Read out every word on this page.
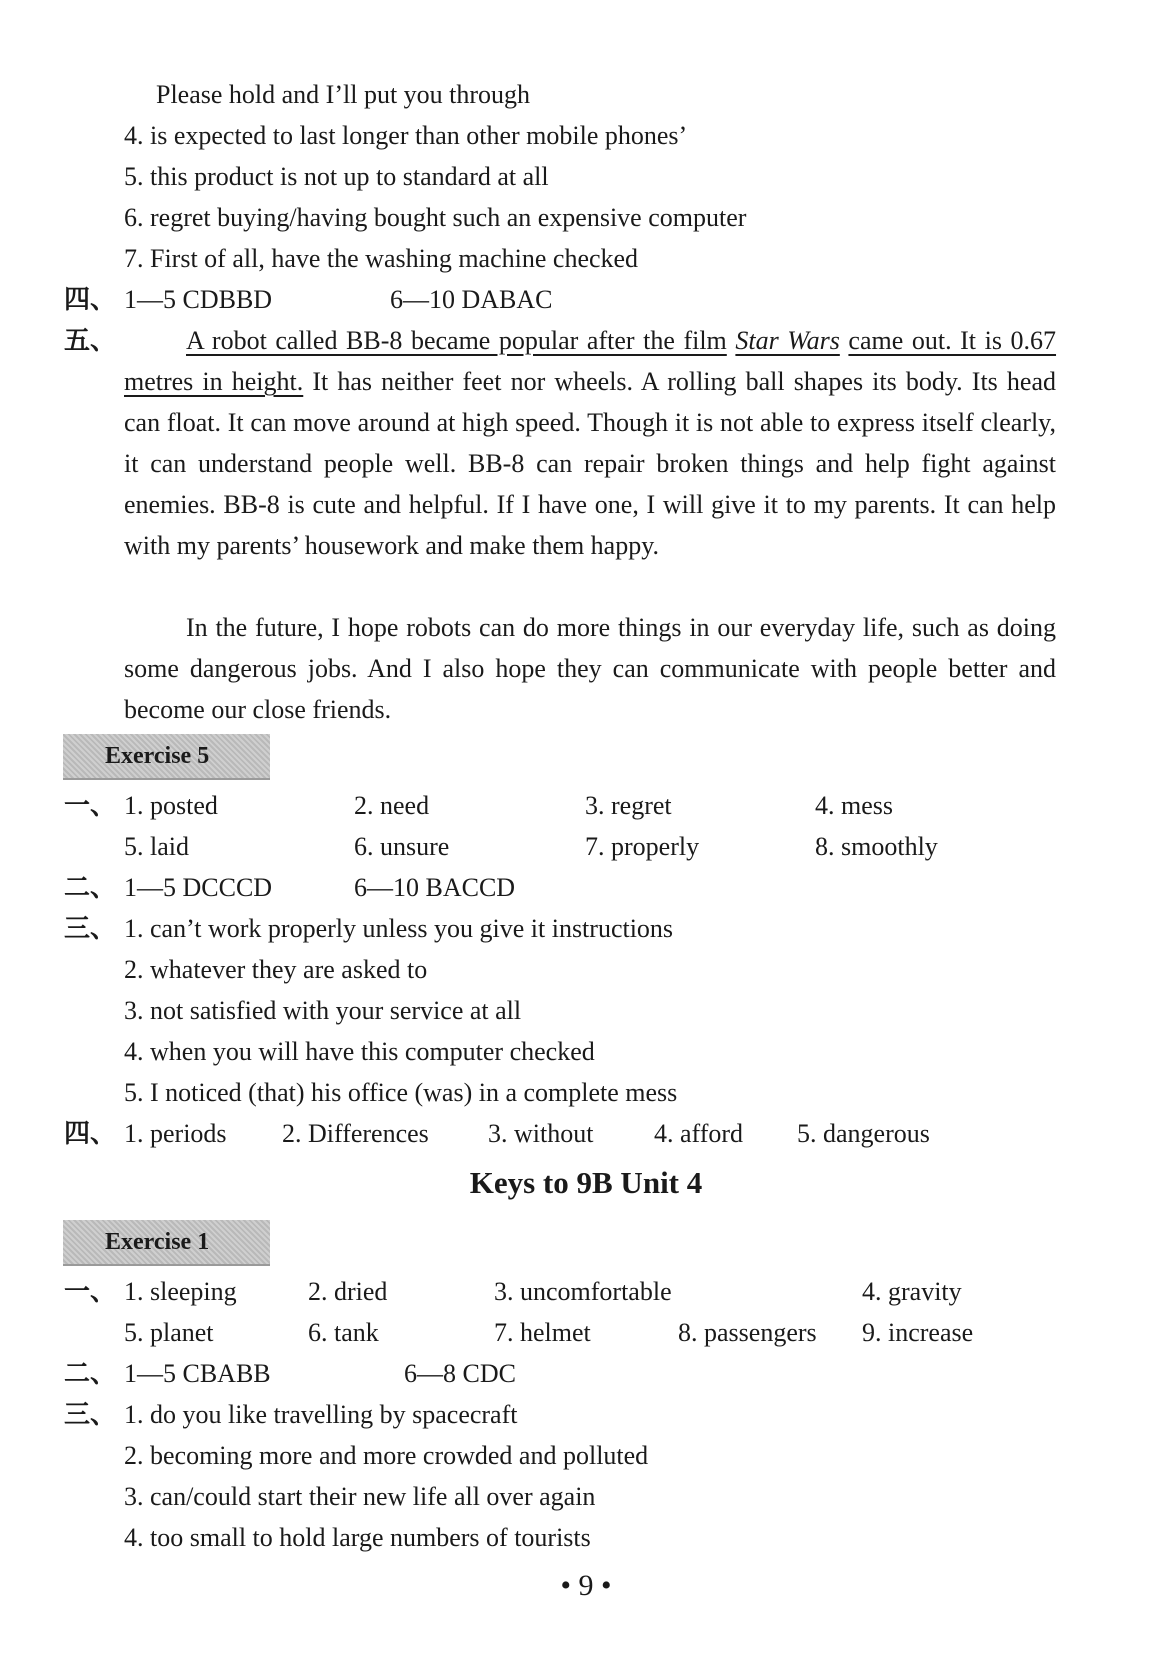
Please hold and I’ll put you through
4. is expected to last longer than other mobile phones’
5. this product is not up to standard at all
6. regret buying/having bought such an expensive computer
7. First of all, have the washing machine checked
四、 1—5 CDBBD	6—10 DABAC
五、	A robot called BB-8 became popular after the film Star Wars came out. It is 0.67 metres in height. It has neither feet nor wheels. A rolling ball shapes its body. Its head can float. It can move around at high speed. Though it is not able to express itself clearly, it can understand people well. BB-8 can repair broken things and help fight against enemies. BB-8 is cute and helpful. If I have one, I will give it to my parents. It can help with my parents’ housework and make them happy.
In the future, I hope robots can do more things in our everyday life, such as doing some dangerous jobs. And I also hope they can communicate with people better and become our close friends.
Exercise 5
一、 1. posted	2. need	3. regret	4. mess
5. laid	6. unsure	7. properly	8. smoothly
二、 1—5 DCCCD	6—10 BACCD
三、 1. can’t work properly unless you give it instructions
2. whatever they are asked to
3. not satisfied with your service at all
4. when you will have this computer checked
5. I noticed (that) his office (was) in a complete mess
四、 1. periods 2. Differences 3. without 4. afford 5. dangerous
Keys to 9B Unit 4
Exercise 1
一、 1. sleeping	2. dried	3. uncomfortable	4. gravity
5. planet	6. tank	7. helmet	8. passengers 9. increase
二、 1—5 CBABB	6—8 CDC
三、 1. do you like travelling by spacecraft
2. becoming more and more crowded and polluted
3. can/could start their new life all over again
4. too small to hold large numbers of tourists
• 9 •
